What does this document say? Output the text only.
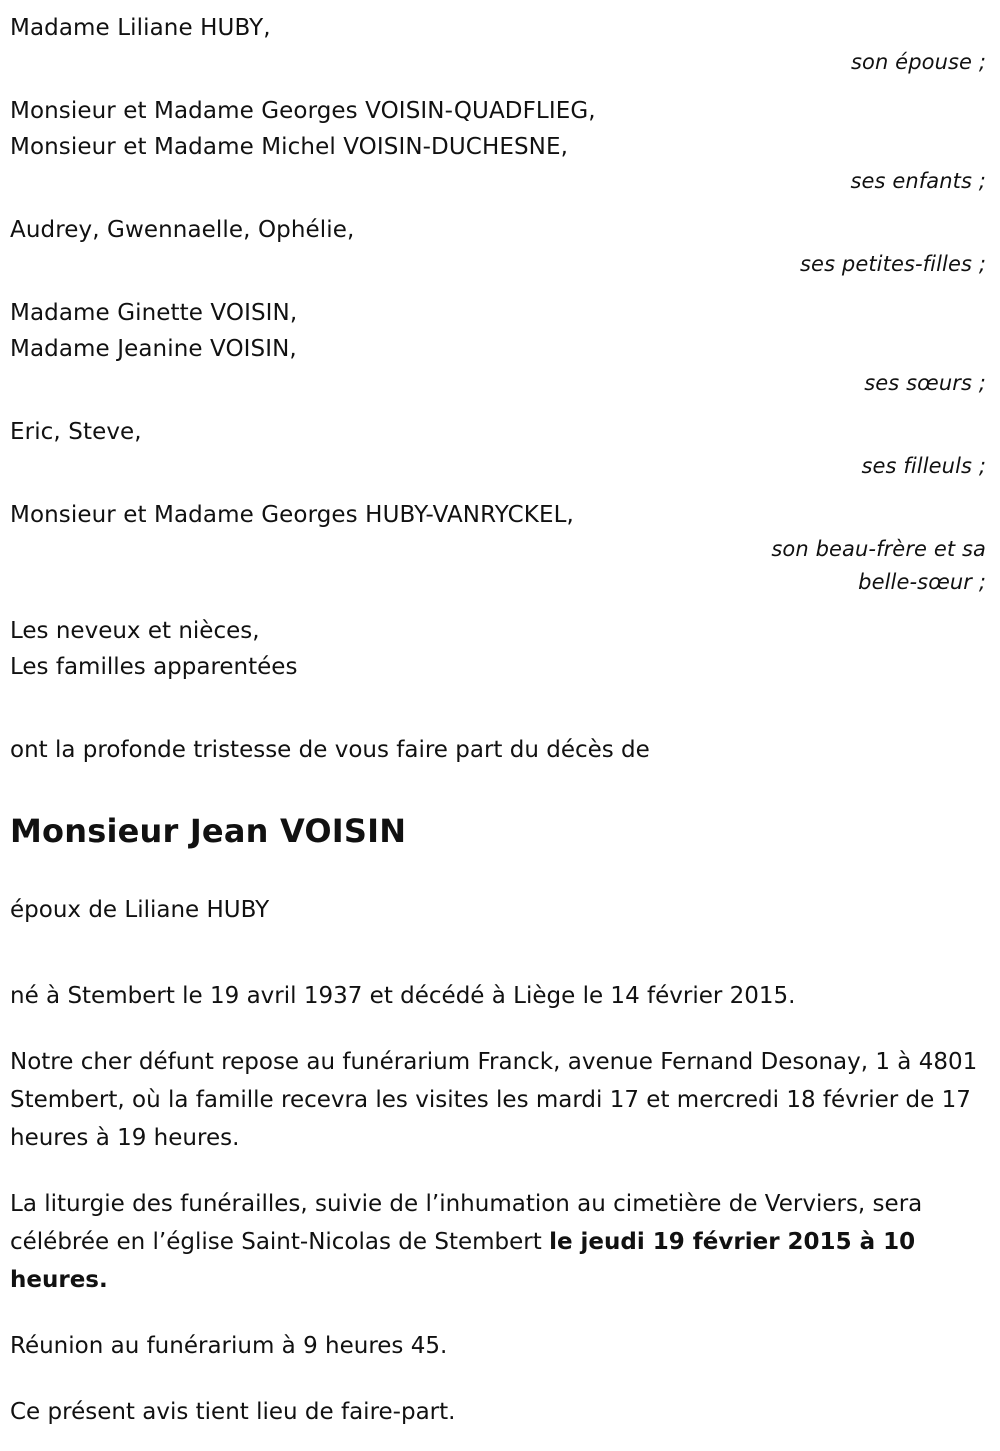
Madame Liliane HUBY,
son épouse ;
Monsieur et Madame Georges VOISIN-QUADFLIEG,
Monsieur et Madame Michel VOISIN-DUCHESNE,
ses enfants ;
Audrey, Gwennaelle, Ophélie,
ses petites-filles ;
Madame Ginette VOISIN,
Madame Jeanine VOISIN,
ses sœurs ;
Eric, Steve,
ses filleuls ;
Monsieur et Madame Georges HUBY-VANRYCKEL,
son beau-frère et sa
belle-sœur ;
Les neveux et nièces,
Les familles apparentées

ont la profonde tristesse de vous faire part du décès de

Monsieur Jean VOISIN

époux de Liliane HUBY

né à Stembert le 19 avril 1937 et décédé à Liège le 14 février 2015.

Notre cher défunt repose au funérarium Franck, avenue Fernand Desonay, 1 à 4801 Stembert, où la famille recevra les visites les mardi 17 et mercredi 18 février de 17 heures à 19 heures.

La liturgie des funérailles, suivie de l’inhumation au cimetière de Verviers, sera célébrée en l’église Saint-Nicolas de Stembert le jeudi 19 février 2015 à 10 heures.

Réunion au funérarium à 9 heures 45.

Ce présent avis tient lieu de faire-part.
